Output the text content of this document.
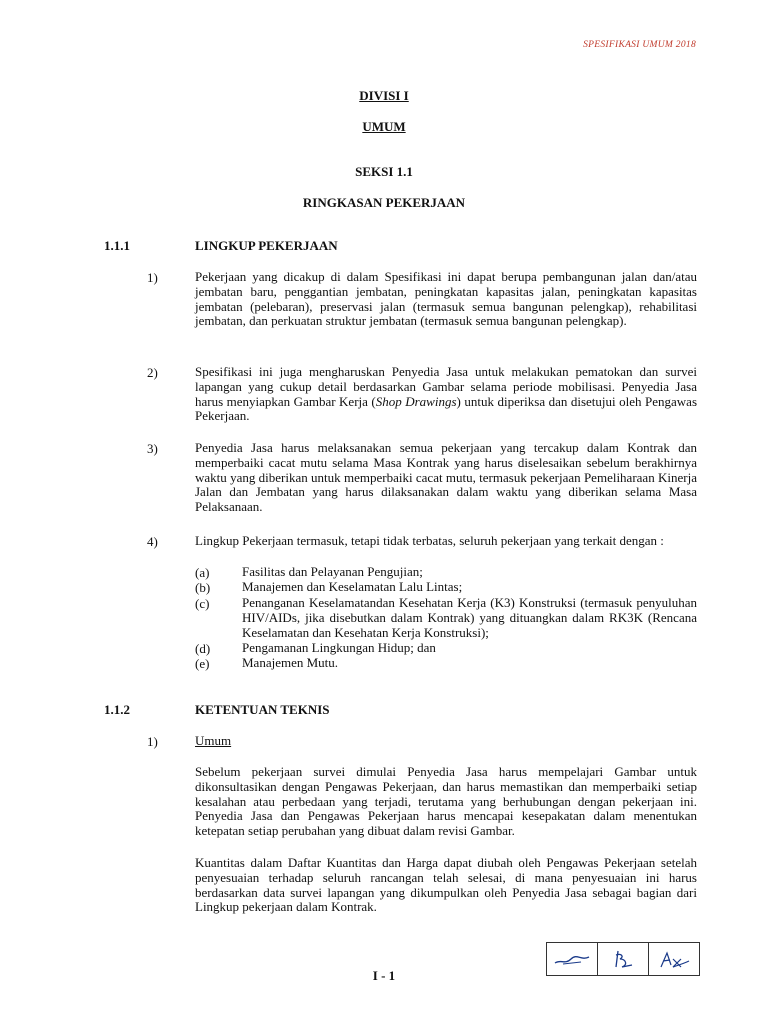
SPESIFIKASI UMUM 2018
DIVISI I
UMUM
SEKSI 1.1
RINGKASAN PEKERJAAN
1.1.1	LINGKUP PEKERJAAN
1)	Pekerjaan yang dicakup di dalam Spesifikasi ini dapat berupa pembangunan jalan dan/atau jembatan baru, penggantian jembatan, peningkatan kapasitas jalan, peningkatan kapasitas jembatan (pelebaran), preservasi jalan (termasuk semua bangunan pelengkap), rehabilitasi jembatan, dan perkuatan struktur jembatan (termasuk semua bangunan pelengkap).
2)	Spesifikasi ini juga mengharuskan Penyedia Jasa untuk melakukan pematokan dan survei lapangan yang cukup detail berdasarkan Gambar selama periode mobilisasi. Penyedia Jasa harus menyiapkan Gambar Kerja (Shop Drawings) untuk diperiksa dan disetujui oleh Pengawas Pekerjaan.
3)	Penyedia Jasa harus melaksanakan semua pekerjaan yang tercakup dalam Kontrak dan memperbaiki cacat mutu selama Masa Kontrak yang harus diselesaikan sebelum berakhirnya waktu yang diberikan untuk memperbaiki cacat mutu, termasuk pekerjaan Pemeliharaan Kinerja Jalan dan Jembatan yang harus dilaksanakan dalam waktu yang diberikan selama Masa Pelaksanaan.
4)	Lingkup Pekerjaan termasuk, tetapi tidak terbatas, seluruh pekerjaan yang terkait dengan :
(a)	Fasilitas dan Pelayanan Pengujian;
(b) Manajemen dan Keselamatan Lalu Lintas;
(c)	Penanganan Keselamatandan Kesehatan Kerja (K3) Konstruksi (termasuk penyuluhan HIV/AIDs, jika disebutkan dalam Kontrak) yang dituangkan dalam RK3K (Rencana Keselamatan dan Kesehatan Kerja Konstruksi);
(d) Pengamanan Lingkungan Hidup; dan
(e)	Manajemen Mutu.
1.1.2	KETENTUAN TEKNIS
1)	Umum
Sebelum pekerjaan survei dimulai Penyedia Jasa harus mempelajari Gambar untuk dikonsultasikan dengan Pengawas Pekerjaan, dan harus memastikan dan memperbaiki setiap kesalahan atau perbedaan yang terjadi, terutama yang berhubungan dengan pekerjaan ini. Penyedia Jasa dan Pengawas Pekerjaan harus mencapai kesepakatan dalam menentukan ketepatan setiap perubahan yang dibuat dalam revisi Gambar.
Kuantitas dalam Daftar Kuantitas dan Harga dapat diubah oleh Pengawas Pekerjaan setelah penyesuaian terhadap seluruh rancangan telah selesai, di mana penyesuaian ini harus berdasarkan data survei lapangan yang dikumpulkan oleh Penyedia Jasa sebagai bagian dari Lingkup pekerjaan dalam Kontrak.
I - 1
